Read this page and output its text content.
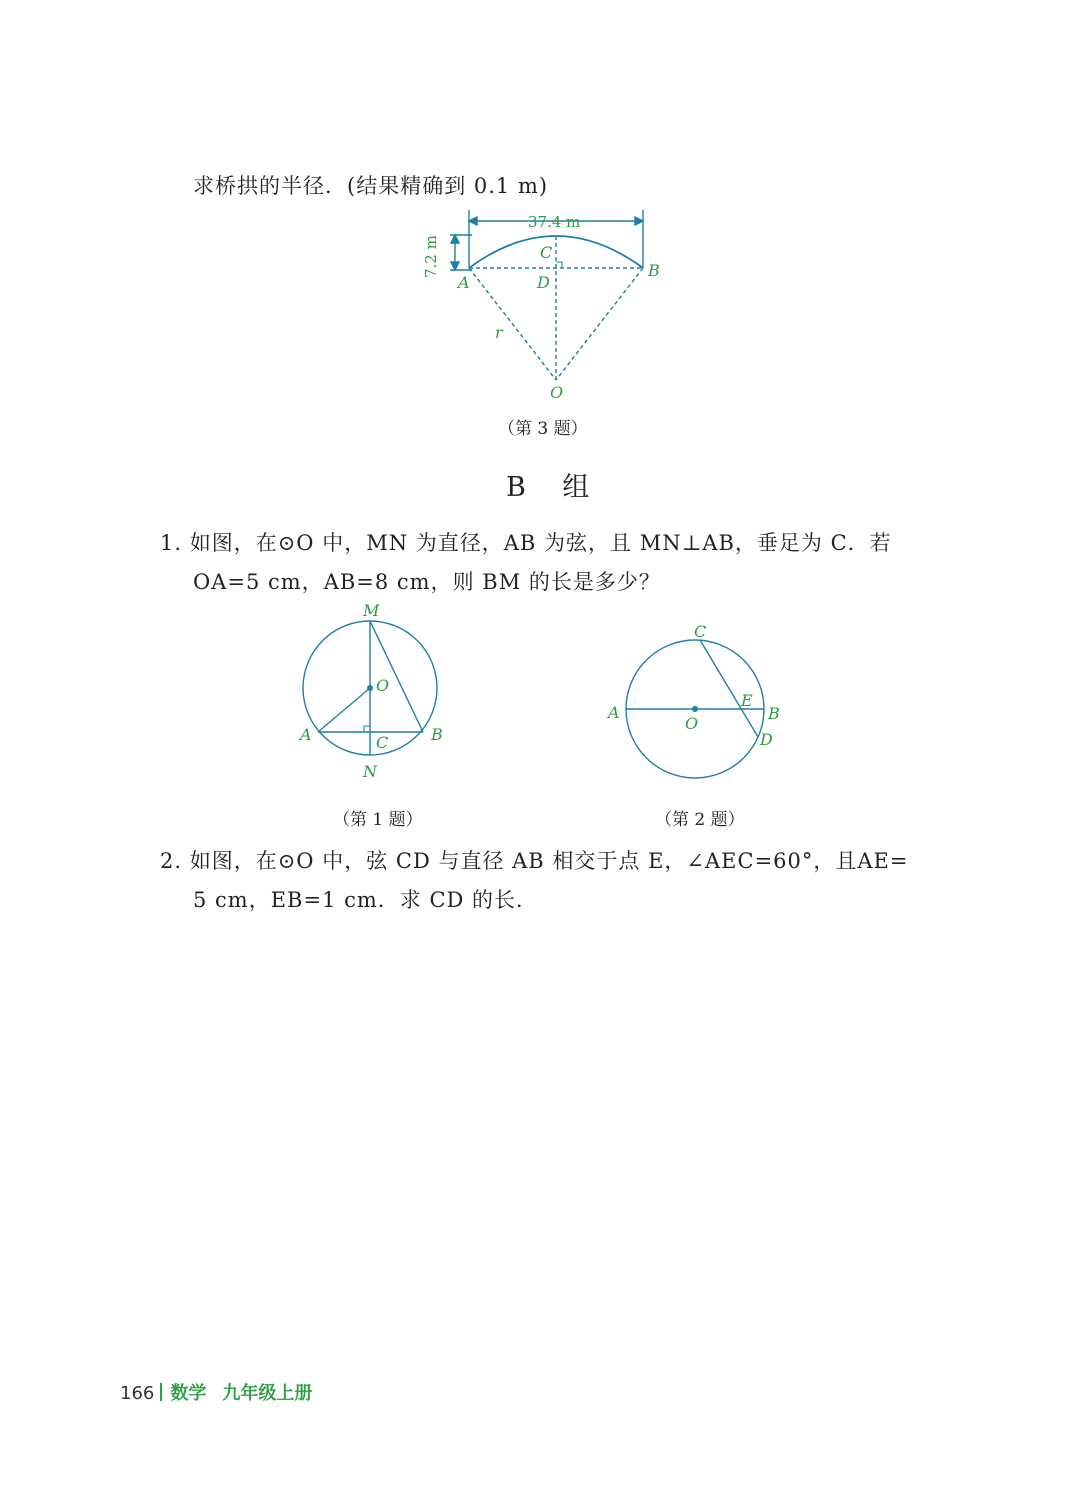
求桥拱的半径．(结果精确到 0.1 m)
37.4 m
7.2 m	C
A	D
B
r
O
（第 3 题）
B 组
1. 如图，在⊙O 中，MN 为直径，AB 为弦，且 MN⊥AB，垂足为 C．若
OA=5 cm，AB=8 cm，则 BM 的长是多少？
M
O
A	B
C
N
（第 1 题）
C
A
O
E
B
D
（第 2 题）
2. 如图，在⊙O 中，弦 CD 与直径 AB 相交于点 E，∠AEC=60°，且AE=
5 cm，EB=1 cm．求 CD 的长．
166 数学 九年级上册
